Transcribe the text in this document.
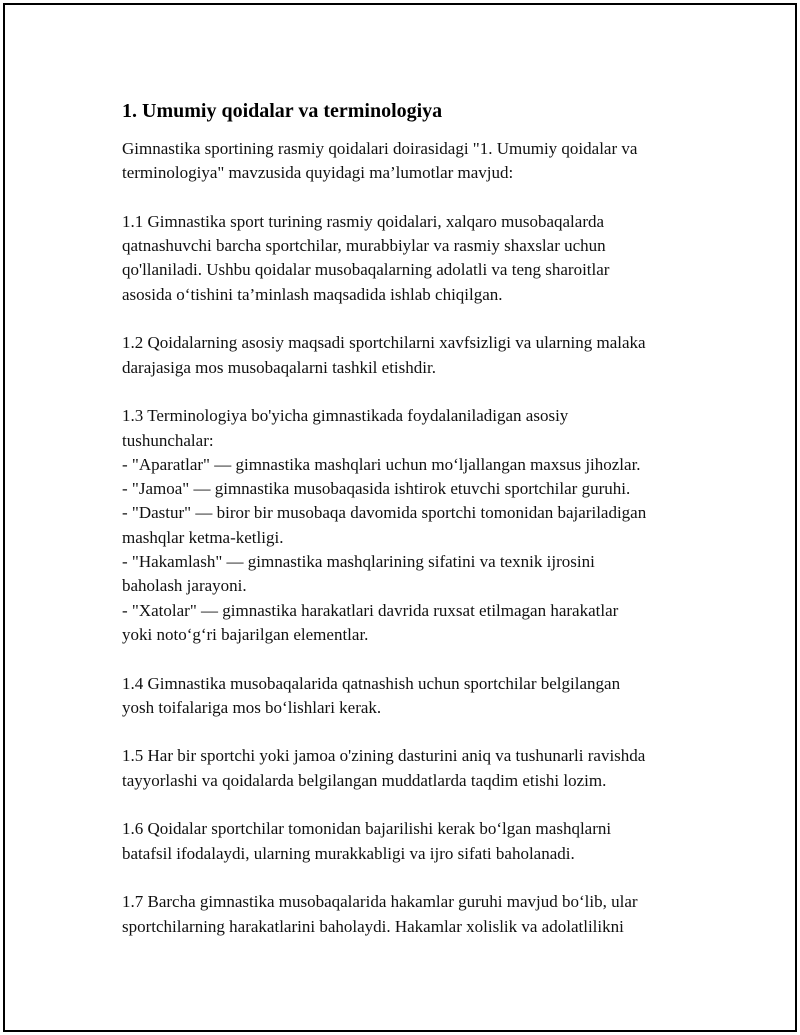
1. Umumiy qoidalar va terminologiya
Gimnastika sportining rasmiy qoidalari doirasidagi "1. Umumiy qoidalar va
terminologiya" mavzusida quyidagi ma’lumotlar mavjud:
1.1 Gimnastika sport turining rasmiy qoidalari, xalqaro musobaqalarda
qatnashuvchi barcha sportchilar, murabbiylar va rasmiy shaxslar uchun
qo'llaniladi. Ushbu qoidalar musobaqalarning adolatli va teng sharoitlar
asosida o‘tishini ta’minlash maqsadida ishlab chiqilgan.
1.2 Qoidalarning asosiy maqsadi sportchilarni xavfsizligi va ularning malaka
darajasiga mos musobaqalarni tashkil etishdir.
1.3 Terminologiya bo'yicha gimnastikada foydalaniladigan asosiy
tushunchalar:
- "Aparatlar" — gimnastika mashqlari uchun mo‘ljallangan maxsus jihozlar.
- "Jamoa" — gimnastika musobaqasida ishtirok etuvchi sportchilar guruhi.
- "Dastur" — biror bir musobaqa davomida sportchi tomonidan bajariladigan
mashqlar ketma-ketligi.
- "Hakamlash" — gimnastika mashqlarining sifatini va texnik ijrosini
baholash jarayoni.
- "Xatolar" — gimnastika harakatlari davrida ruxsat etilmagan harakatlar
yoki noto‘g‘ri bajarilgan elementlar.
1.4 Gimnastika musobaqalarida qatnashish uchun sportchilar belgilangan
yosh toifalariga mos bo‘lishlari kerak.
1.5 Har bir sportchi yoki jamoa o'zining dasturini aniq va tushunarli ravishda
tayyorlashi va qoidalarda belgilangan muddatlarda taqdim etishi lozim.
1.6 Qoidalar sportchilar tomonidan bajarilishi kerak bo‘lgan mashqlarni
batafsil ifodalaydi, ularning murakkabligi va ijro sifati baholanadi.
1.7 Barcha gimnastika musobaqalarida hakamlar guruhi mavjud bo‘lib, ular
sportchilarning harakatlarini baholaydi. Hakamlar xolislik va adolatlilikni
